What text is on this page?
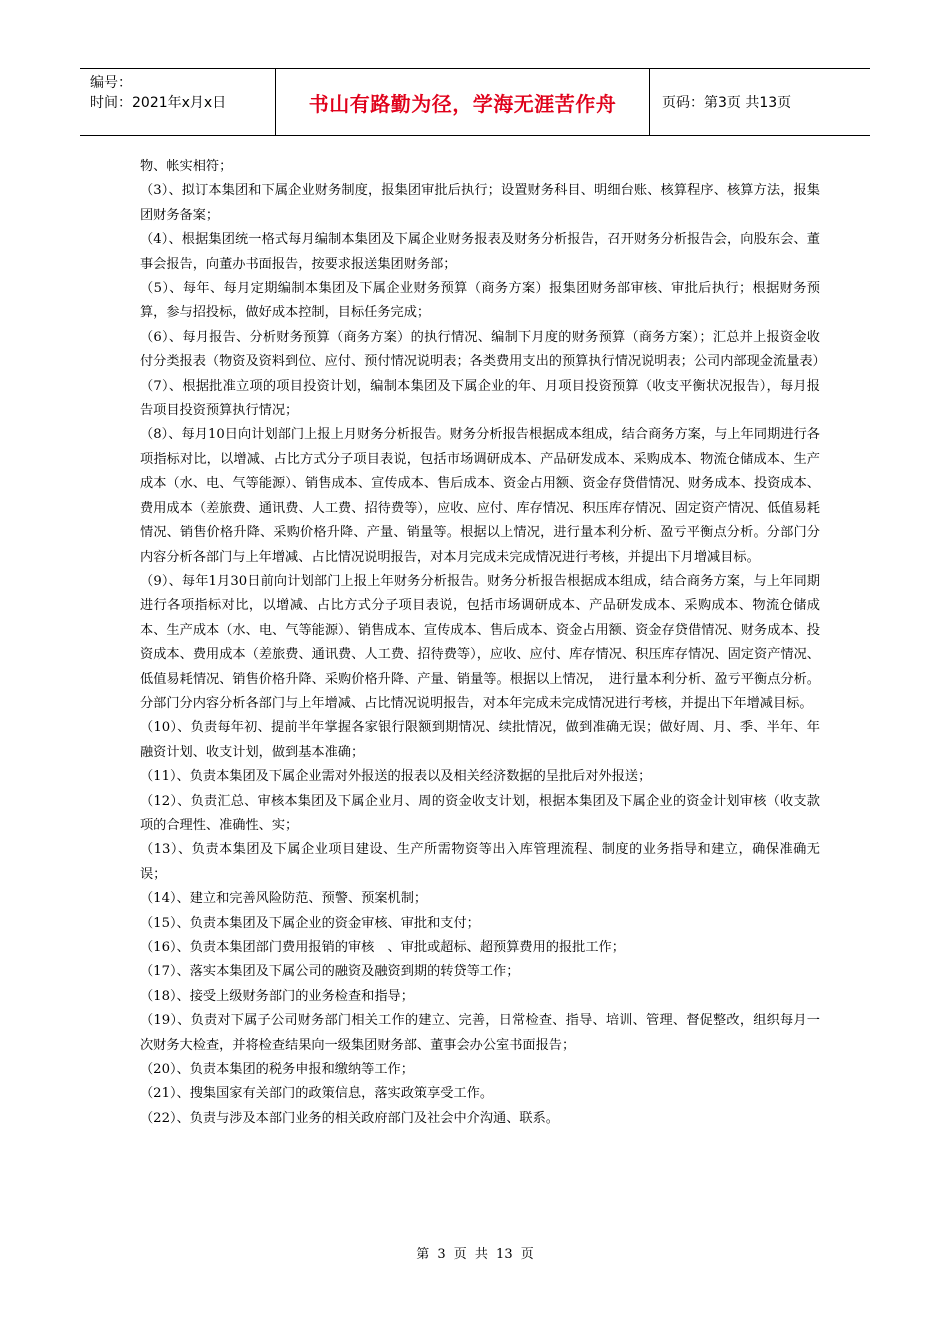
编号：
时间：2021年x月x日	书山有路勤为径，学海无涯苦作舟	页码：第3页 共13页

物、帐实相符；

（3）、拟订本集团和下属企业财务制度，报集团审批后执行；设置财务科目、明细台账、核算程序、核算方法，报集团财务备案；

（4）、根据集团统一格式每月编制本集团及下属企业财务报表及财务分析报告，召开财务分析报告会，向股东会、董事会报告，向董办书面报告，按要求报送集团财务部；

（5）、每年、每月定期编制本集团及下属企业财务预算（商务方案）报集团财务部审核、审批后执行；根据财务预算，参与招投标，做好成本控制，目标任务完成；

（6）、每月报告、分析财务预算（商务方案）的执行情况、编制下月度的财务预算（商务方案）；汇总并上报资金收付分类报表（物资及资料到位、应付、预付情况说明表；各类费用支出的预算执行情况说明表；公司内部现金流量表）

（7）、根据批准立项的项目投资计划，编制本集团及下属企业的年、月项目投资预算（收支平衡状况报告），每月报告项目投资预算执行情况；

（8）、每月10日向计划部门上报上月财务分析报告。财务分析报告根据成本组成，结合商务方案，与上年同期进行各项指标对比，以增减、占比方式分子项目表说，包括市场调研成本、产品研发成本、采购成本、物流仓储成本、生产成本（水、电、气等能源）、销售成本、宣传成本、售后成本、资金占用额、资金存贷借情况、财务成本、投资成本、费用成本（差旅费、通讯费、人工费、招待费等），应收、应付、库存情况、积压库存情况、固定资产情况、低值易耗情况、销售价格升降、采购价格升降、产量、销量等。根据以上情况，进行量本利分析、盈亏平衡点分析。分部门分内容分析各部门与上年增减、占比情况说明报告，对本月完成未完成情况进行考核，并提出下月增减目标。

（9）、每年1月30日前向计划部门上报上年财务分析报告。财务分析报告根据成本组成，结合商务方案，与上年同期进行各项指标对比，以增减、占比方式分子项目表说，包括市场调研成本、产品研发成本、采购成本、物流仓储成本、生产成本（水、电、气等能源）、销售成本、宣传成本、售后成本、资金占用额、资金存贷借情况、财务成本、投资成本、费用成本（差旅费、通讯费、人工费、招待费等），应收、应付、库存情况、积压库存情况、固定资产情况、低值易耗情况、销售价格升降、采购价格升降、产量、销量等。根据以上情况，　进行量本利分析、盈亏平衡点分析。分部门分内容分析各部门与上年增减、占比情况说明报告，对本年完成未完成情况进行考核，并提出下年增减目标。

（10）、负责每年初、提前半年掌握各家银行限额到期情况、续批情况，做到准确无误；做好周、月、季、半年、年融资计划、收支计划，做到基本准确；

（11）、负责本集团及下属企业需对外报送的报表以及相关经济数据的呈批后对外报送；

（12）、负责汇总、审核本集团及下属企业月、周的资金收支计划，根据本集团及下属企业的资金计划审核（收支款项的合理性、准确性、实；

（13）、负责本集团及下属企业项目建设、生产所需物资等出入库管理流程、制度的业务指导和建立，确保准确无误；

（14）、建立和完善风险防范、预警、预案机制；

（15）、负责本集团及下属企业的资金审核、审批和支付；

（16）、负责本集团部门费用报销的审核　、审批或超标、超预算费用的报批工作；

（17）、落实本集团及下属公司的融资及融资到期的转贷等工作；

（18）、接受上级财务部门的业务检查和指导；

（19）、负责对下属子公司财务部门相关工作的建立、完善，日常检查、指导、培训、管理、督促整改，组织每月一次财务大检查，并将检查结果向一级集团财务部、董事会办公室书面报告；

（20）、负责本集团的税务申报和缴纳等工作；

（21）、搜集国家有关部门的政策信息，落实政策享受工作。

（22）、负责与涉及本部门业务的相关政府部门及社会中介沟通、联系。

第 3 页 共 13 页
